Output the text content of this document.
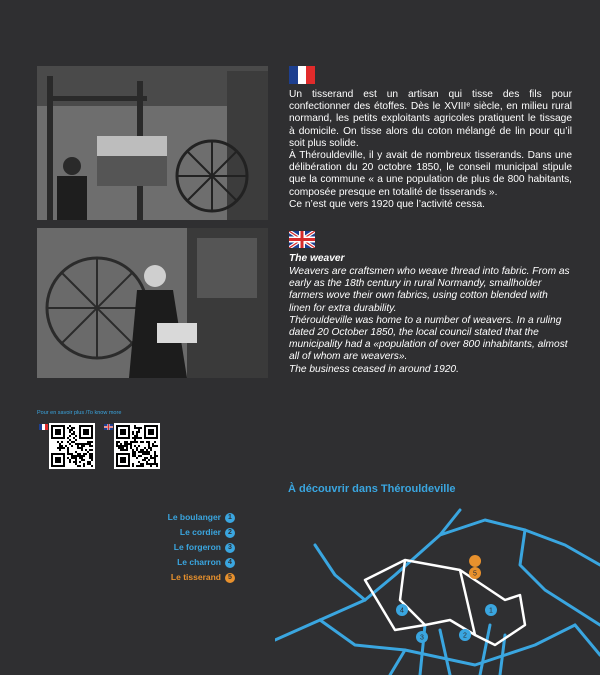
Un tisserand est un artisan qui tisse des fils pour confectionner des étoffes. Dès le XVIIIᵉ siècle, en milieu rural normand, les petits exploitants agricoles pratiquent le tissage à domicile. On tisse alors du coton mélangé de lin pour qu’il soit plus solide.

À Thérouldeville, il y avait de nombreux tisserands. Dans une délibération du 20 octobre 1850, le conseil municipal stipule que la commune « a une population de plus de 800 habitants, composée presque en totalité de tisserands ».

Ce n’est que vers 1920 que l’activité cessa.

The weaver

Weavers are craftsmen who weave thread into fabric. From as early as the 18th century in rural Normandy, smallholder farmers wove their own fabrics, using cotton blended with linen for extra durability.

Thérouldeville was home to a number of weavers. In a ruling dated 20 October 1850, the local council stated that the municipality had a «population of over 800 inhabitants, almost all of whom are weavers».

The business ceased in around 1920.

Pour en savoir plus /To know more
À découvrir dans Thérouldeville
Le boulanger 1
Le cordier 2
Le forgeron 3
Le charron 4
Le tisserand 5	5
4	1
3	2
